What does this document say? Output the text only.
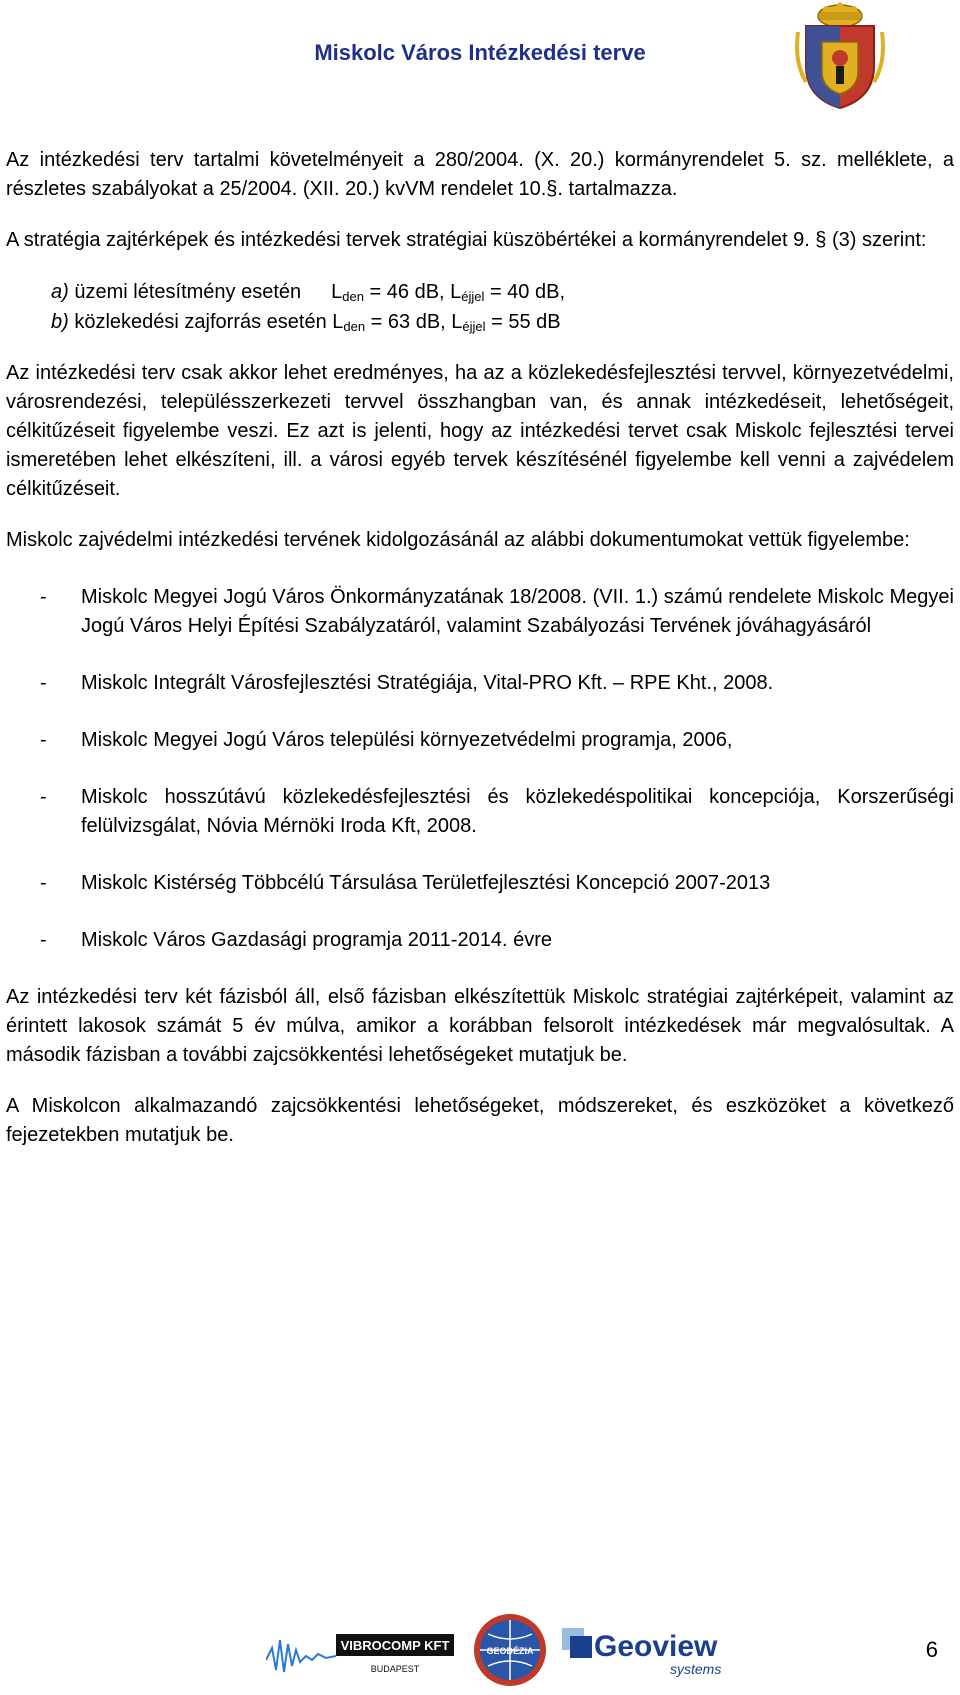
Miskolc Város Intézkedési terve

Az intézkedési terv tartalmi követelményeit a 280/2004. (X. 20.) kormányrendelet 5. sz. melléklete, a részletes szabályokat a 25/2004. (XII. 20.) kvVM rendelet 10.§. tartalmazza.

A stratégia zajtérképek és intézkedési tervek stratégiai küszöbértékei a kormányrendelet 9. § (3) szerint:

a) üzemi létesítmény esetén $L_{den} = 46$ dB, $L_{éjjel} = 40$ dB,
b) közlekedési zajforrás esetén $L_{den} = 63$ dB, $L_{éjjel} = 55$ dB

Az intézkedési terv csak akkor lehet eredményes, ha az a közlekedésfejlesztési tervvel, környezetvédelmi, városrendezési, településszerkezeti tervvel összhangban van, és annak intézkedéseit, lehetőségeit, célkitűzéseit figyelembe veszi. Ez azt is jelenti, hogy az intézkedési tervet csak Miskolc fejlesztési tervei ismeretében lehet elkészíteni, ill. a városi egyéb tervek készítésénél figyelembe kell venni a zajvédelem célkitűzéseit.

Miskolc zajvédelmi intézkedési tervének kidolgozásánál az alábbi dokumentumokat vettük figyelembe:

-	Miskolc Megyei Jogú Város Önkormányzatának 18/2008. (VII. 1.) számú rendelete Miskolc Megyei Jogú Város Helyi Építési Szabályzatáról, valamint Szabályozási Tervének jóváhagyásáról
-	Miskolc Integrált Városfejlesztési Stratégiája, Vital-PRO Kft. – RPE Kht., 2008.
-	Miskolc Megyei Jogú Város települési környezetvédelmi programja, 2006,
-	Miskolc hosszútávú közlekedésfejlesztési és közlekedéspolitikai koncepciója, Korszerűségi felülvizsgálat, Nóvia Mérnöki Iroda Kft, 2008.
-	Miskolc Kistérség Többcélú Társulása Területfejlesztési Koncepció 2007-2013
-	Miskolc Város Gazdasági programja 2011-2014. évre

Az intézkedési terv két fázisból áll, első fázisban elkészítettük Miskolc stratégiai zajtérképeit, valamint az érintett lakosok számát 5 év múlva, amikor a korábban felsorolt intézkedések már megvalósultak. A második fázisban a további zajcsökkentési lehetőségeket mutatjuk be.

A Miskolcon alkalmazandó zajcsökkentési lehetőségeket, módszereket, és eszközöket a következő fejezetekben mutatjuk be.

VIBROCOMP KFT
BUDAPEST
GEODÉZIA Geoview
systems
6
